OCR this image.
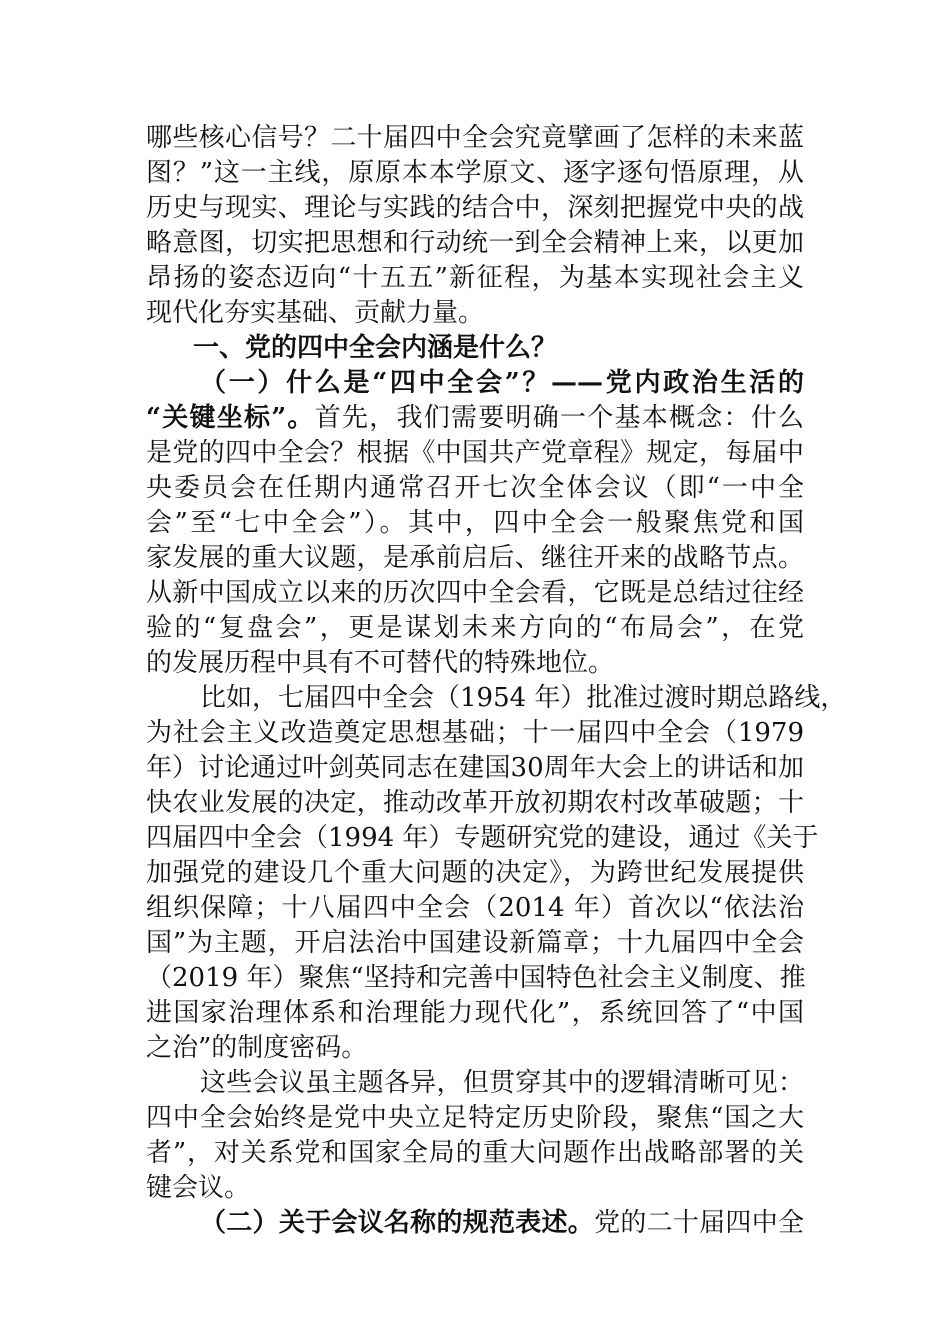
哪些核心信号？二十届四中全会究竟擘画了怎样的未来蓝
图？”这一主线，原原本本学原文、逐字逐句悟原理，从
历史与现实、理论与实践的结合中，深刻把握党中央的战
略意图，切实把思想和行动统一到全会精神上来，以更加
昂扬的姿态迈向“十五五”新征程，为基本实现社会主义
现代化夯实基础、贡献力量。
一、党的四中全会内涵是什么？
（一）什么是“四中全会”？——党内政治生活的
“关键坐标”。首先，我们需要明确一个基本概念：什么
是党的四中全会？根据《中国共产党章程》规定，每届中
央委员会在任期内通常召开七次全体会议（即“一中全
会”至“七中全会”）。其中，四中全会一般聚焦党和国
家发展的重大议题，是承前启后、继往开来的战略节点。
从新中国成立以来的历次四中全会看，它既是总结过往经
验的“复盘会”，更是谋划未来方向的“布局会”，在党
的发展历程中具有不可替代的特殊地位。
比如，七届四中全会（1954 年）批准过渡时期总路线，
为社会主义改造奠定思想基础；十一届四中全会（1979
年）讨论通过叶剑英同志在建国30周年大会上的讲话和加
快农业发展的决定，推动改革开放初期农村改革破题；十
四届四中全会（1994 年）专题研究党的建设，通过《关于
加强党的建设几个重大问题的决定》，为跨世纪发展提供
组织保障；十八届四中全会（2014 年）首次以“依法治
国”为主题，开启法治中国建设新篇章；十九届四中全会
（2019 年）聚焦“坚持和完善中国特色社会主义制度、推
进国家治理体系和治理能力现代化”，系统回答了“中国
之治”的制度密码。
这些会议虽主题各异，但贯穿其中的逻辑清晰可见：
四中全会始终是党中央立足特定历史阶段，聚焦“国之大
者”，对关系党和国家全局的重大问题作出战略部署的关
键会议。
（二）关于会议名称的规范表述。党的二十届四中全
